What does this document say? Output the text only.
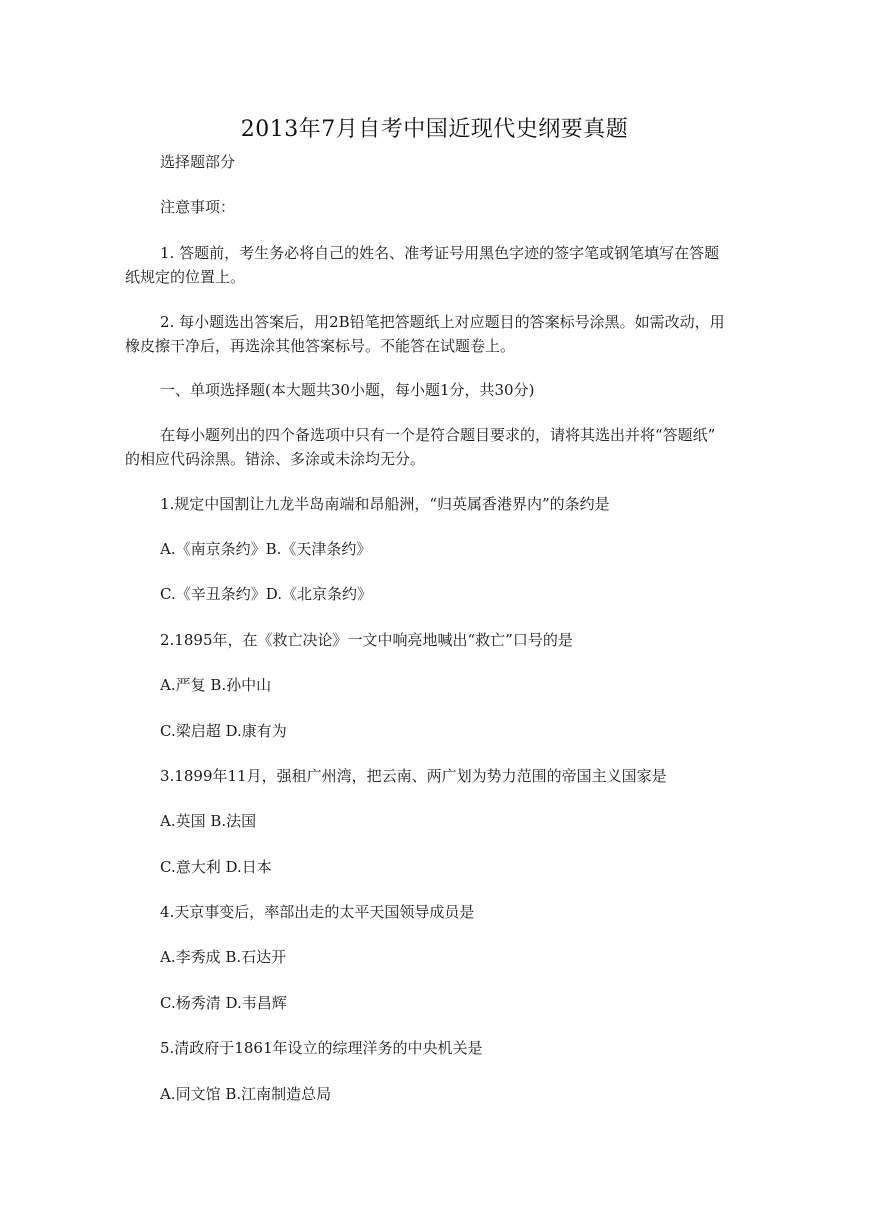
2013年7月自考中国近现代史纲要真题
选择题部分
注意事项：
1. 答题前，考生务必将自己的姓名、准考证号用黑色字迹的签字笔或钢笔填写在答题
纸规定的位置上。
2. 每小题选出答案后，用2B铅笔把答题纸上对应题目的答案标号涂黑。如需改动，用
橡皮擦干净后，再选涂其他答案标号。不能答在试题卷上。
一、单项选择题(本大题共30小题，每小题1分，共30分)
在每小题列出的四个备选项中只有一个是符合题目要求的，请将其选出并将“答题纸”
的相应代码涂黑。错涂、多涂或未涂均无分。
1.规定中国割让九龙半岛南端和昂船洲，“归英属香港界内”的条约是
A.《南京条约》B.《天津条约》
C.《辛丑条约》D.《北京条约》
2.1895年，在《救亡决论》一文中响亮地喊出“救亡”口号的是
A.严复 B.孙中山
C.梁启超 D.康有为
3.1899年11月，强租广州湾，把云南、两广划为势力范围的帝国主义国家是
A.英国 B.法国
C.意大利 D.日本
4.天京事变后，率部出走的太平天国领导成员是
A.李秀成 B.石达开
C.杨秀清 D.韦昌辉
5.清政府于1861年设立的综理洋务的中央机关是
A.同文馆 B.江南制造总局
